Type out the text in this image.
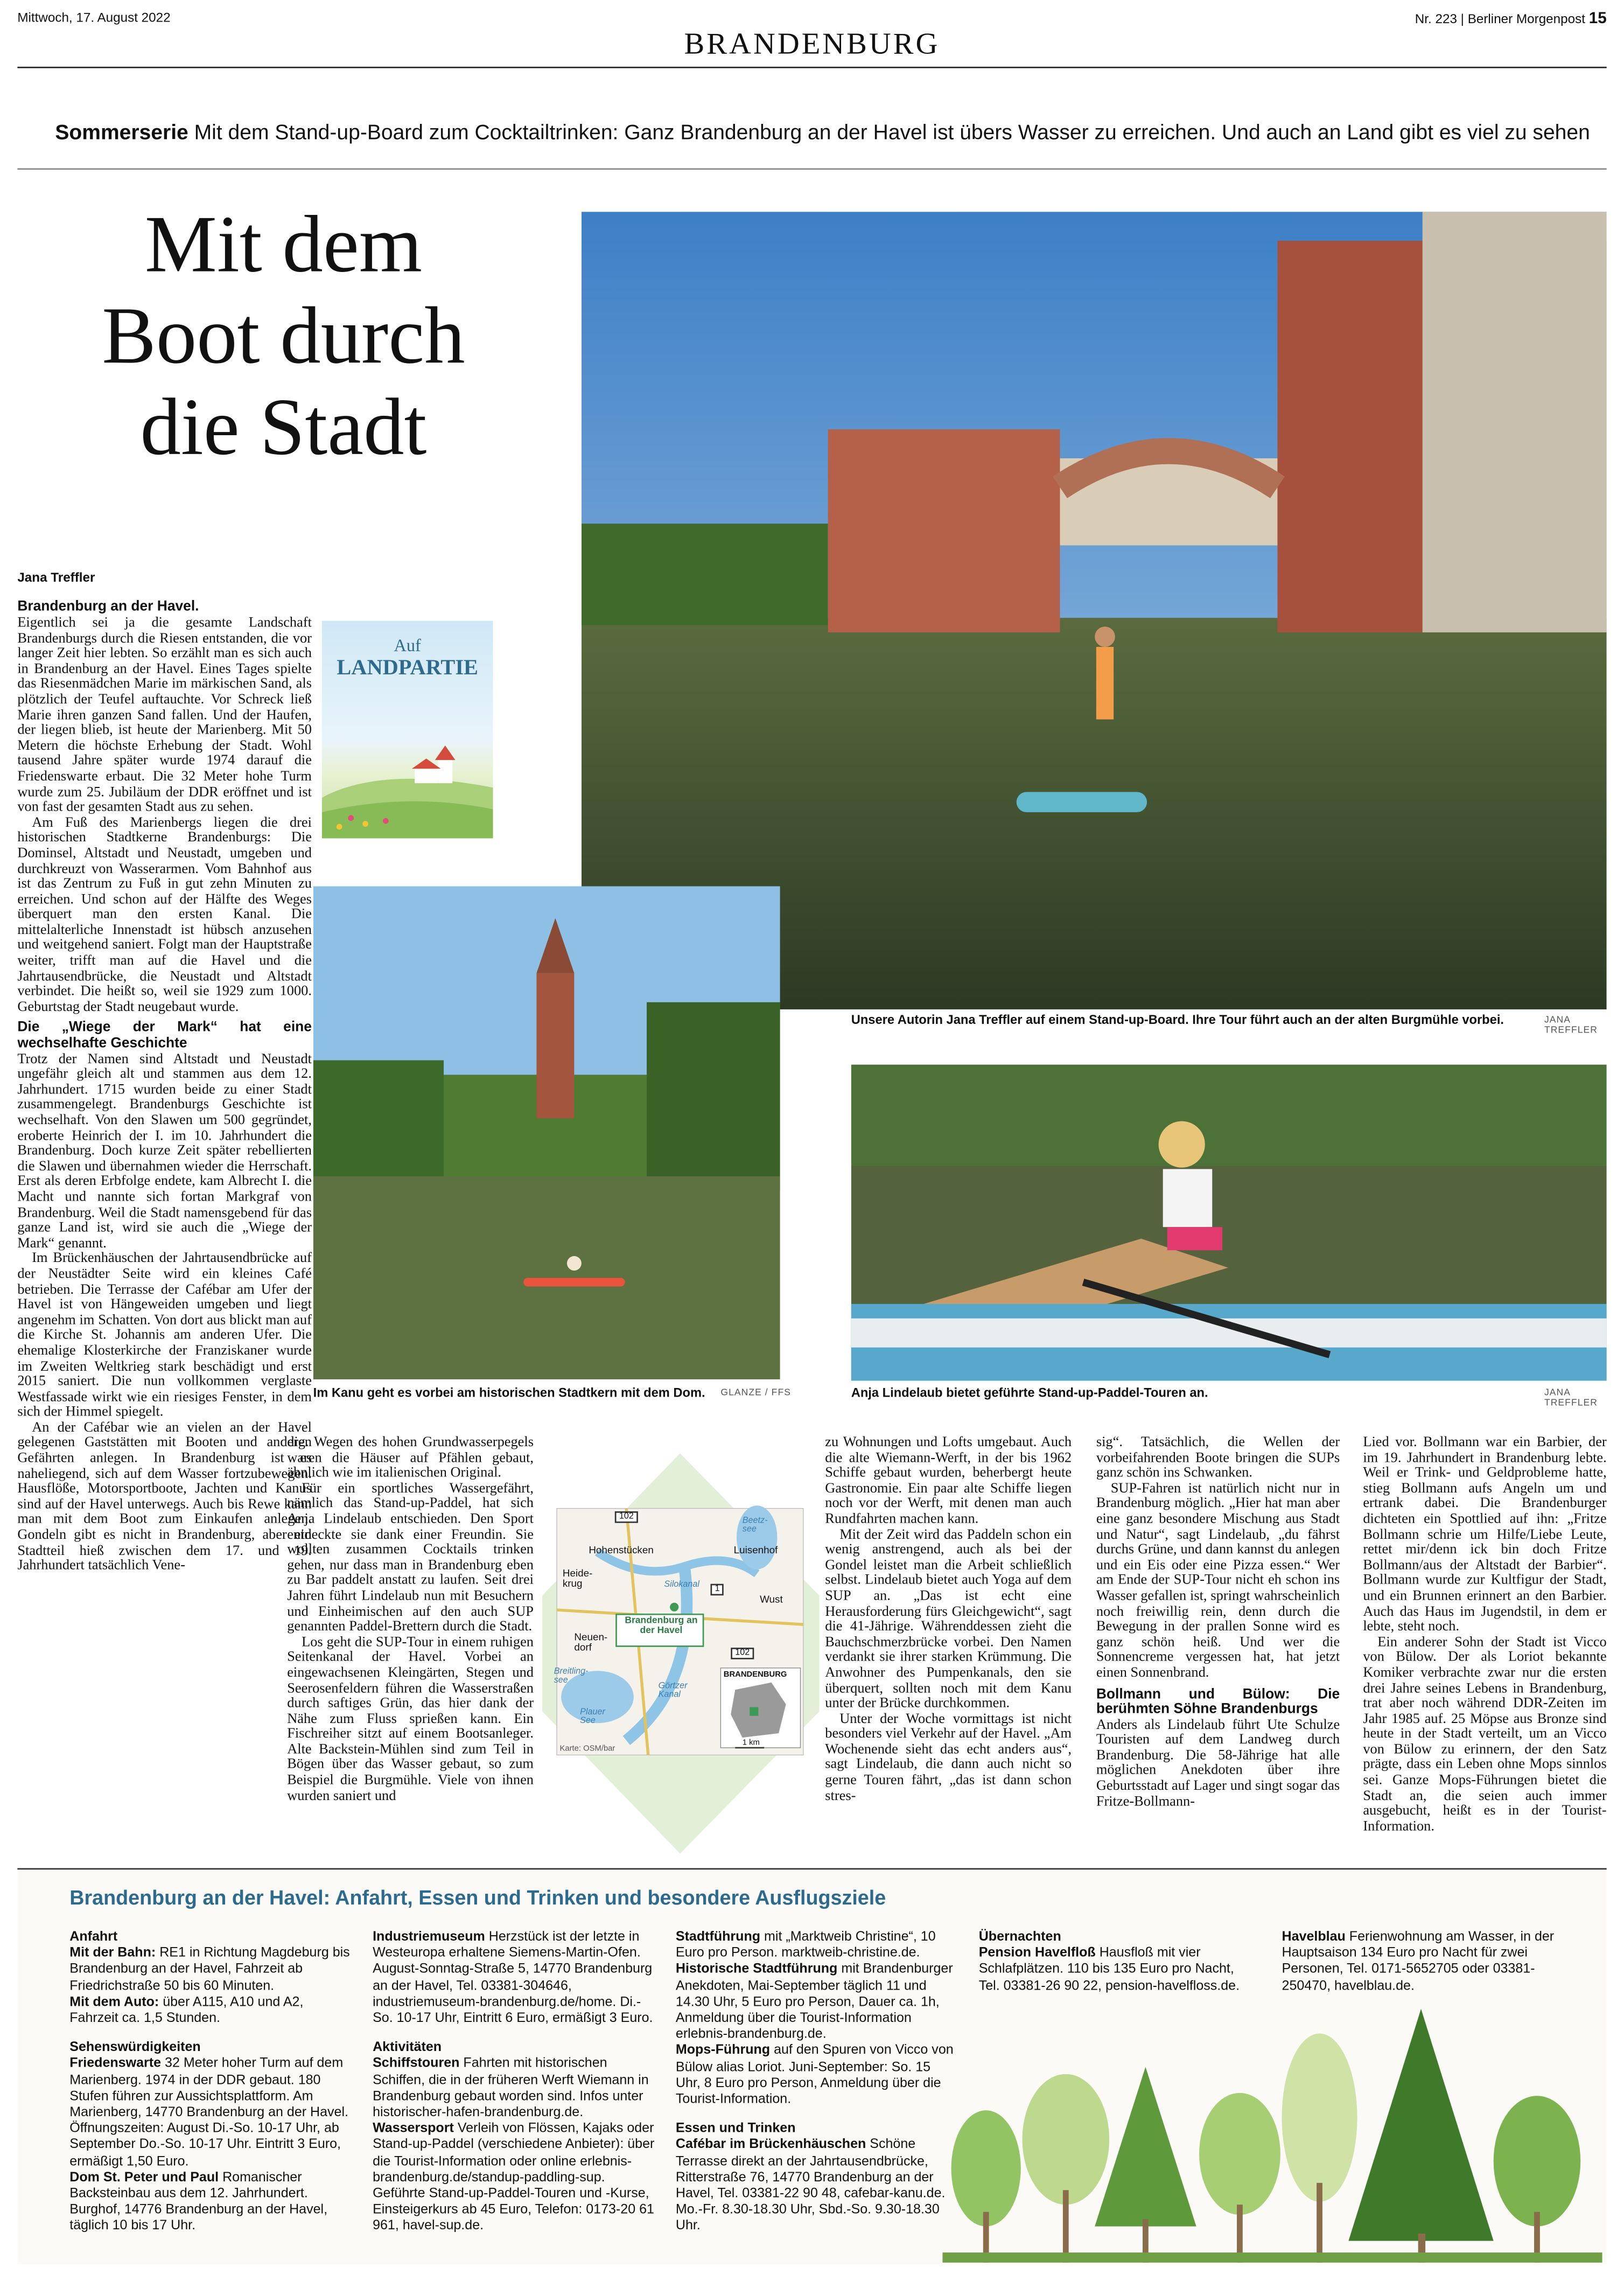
Mittwoch, 17. August 2022
BRANDENBURG
Nr. 223 | Berliner Morgenpost 15
Sommerserie Mit dem Stand-up-Board zum Cocktailtrinken: Ganz Brandenburg an der Havel ist übers Wasser zu erreichen. Und auch an Land gibt es viel zu sehen
Mit dem
Boot durch
die Stadt
Jana Treffler
Auf
LANDPARTIE

Brandenburg an der Havel.

Eigentlich sei ja die gesamte Landschaft Brandenburgs durch die Riesen entstanden, die vor langer Zeit hier lebten. So erzählt man es sich auch in Brandenburg an der Havel. Eines Tages spielte das Riesenmädchen Marie im märkischen Sand, als plötzlich der Teufel auftauchte. Vor Schreck ließ Marie ihren ganzen Sand fallen. Und der Haufen, der liegen blieb, ist heute der Marienberg. Mit 50 Metern die höchste Erhebung der Stadt. Wohl tausend Jahre später wurde 1974 darauf die Friedenswarte erbaut. Die 32 Meter hohe Turm wurde zum 25. Jubiläum der DDR eröffnet und ist von fast der gesamten Stadt aus zu sehen.

Am Fuß des Marienbergs liegen die drei historischen Stadtkerne Brandenburgs: Die Dominsel, Altstadt und Neustadt, umgeben und durchkreuzt von Wasserarmen. Vom Bahnhof aus ist das Zentrum zu Fuß in gut zehn Minuten zu erreichen. Und schon auf der Hälfte des Weges überquert man den ersten Kanal. Die mittelalterliche Innenstadt ist hübsch anzusehen und weitgehend saniert. Folgt man der Hauptstraße weiter, trifft man auf die Havel und die Jahrtausendbrücke, die Neustadt und Altstadt verbindet. Die heißt so, weil sie 1929 zum 1000. Geburtstag der Stadt neugebaut wurde.

Die „Wiege der Mark“ hat eine wechselhafte Geschichte

Trotz der Namen sind Altstadt und Neustadt ungefähr gleich alt und stammen aus dem 12. Jahrhundert. 1715 wurden beide zu einer Stadt zusammengelegt. Brandenburgs Geschichte ist wechselhaft. Von den Slawen um 500 gegründet, eroberte Heinrich der I. im 10. Jahrhundert die Brandenburg. Doch kurze Zeit später rebellierten die Slawen und übernahmen wieder die Herrschaft. Erst als deren Erbfolge endete, kam Albrecht I. die Macht und nannte sich fortan Markgraf von Brandenburg. Weil die Stadt namensgebend für das ganze Land ist, wird sie auch die „Wiege der Mark“ genannt.

Im Brückenhäuschen der Jahrtausendbrücke auf der Neustädter Seite wird ein kleines Café betrieben. Die Terrasse der Cafébar am Ufer der Havel ist von Hängeweiden umgeben und liegt angenehm im Schatten. Von dort aus blickt man auf die Kirche St. Johannis am anderen Ufer. Die ehemalige Klosterkirche der Franziskaner wurde im Zweiten Weltkrieg stark beschädigt und erst 2015 saniert. Die nun vollkommen verglaste Westfassade wirkt wie ein riesiges Fenster, in dem sich der Himmel spiegelt.

An der Cafébar wie an vielen an der Havel gelegenen Gaststätten mit Booten und anderen Gefährten anlegen. In Brandenburg ist es naheliegend, sich auf dem Wasser fortzubewegen. Hausflöße, Motorsportboote, Jachten und Kanus sind auf der Havel unterwegs. Auch bis Rewe kann man mit dem Boot zum Einkaufen anlegen. Gondeln gibt es nicht in Brandenburg, aber ein Stadtteil hieß zwischen dem 17. und 19. Jahrhundert tatsächlich Vene-

Unsere Autorin Jana Treffler auf einem Stand-up-Board. Ihre Tour führt auch an der alten Burgmühle vorbei.	JANA TREFFLER
Im Kanu geht es vorbei am historischen Stadtkern mit dem Dom.	GLANZE / FFS	Anja Lindelaub bietet geführte Stand-up-Paddel-Touren an.	JANA TREFFLER

dig. Wegen des hohen Grundwasserpegels waren die Häuser auf Pfählen gebaut, ähnlich wie im italienischen Original.

Für ein sportliches Wassergefährt, nämlich das Stand-up-Paddel, hat sich Anja Lindelaub entschieden. Den Sport entdeckte sie dank einer Freundin. Sie wollten zusammen Cocktails trinken gehen, nur dass man in Brandenburg eben zu Bar paddelt anstatt zu laufen. Seit drei Jahren führt Lindelaub nun mit Besuchern und Einheimischen auf den auch SUP genannten Paddel-Brettern durch die Stadt.

Los geht die SUP-Tour in einem ruhigen Seitenkanal der Havel. Vorbei an eingewachsenen Kleingärten, Stegen und Seerosenfeldern führen die Wasserstraßen durch saftiges Grün, das hier dank der Nähe zum Fluss sprießen kann. Ein Fischreiher sitzt auf einem Bootsanleger. Alte Backstein-Mühlen sind zum Teil in Bögen über das Wasser gebaut, so zum Beispiel die Burgmühle. Viele von ihnen wurden saniert und

Hohenstücken
Heide-
krug
Luisenhof
Wust
Neuen-
dorf
Brandenburg an der Havel
Silokanal
Beetz-
see
Breitling-
see
Plauer
See
Görtzer
Kanal
BRANDENBURG
1 km
Karte: OSM/bar
102
1
102

zu Wohnungen und Lofts umgebaut. Auch die alte Wiemann-Werft, in der bis 1962 Schiffe gebaut wurden, beherbergt heute Gastronomie. Ein paar alte Schiffe liegen noch vor der Werft, mit denen man auch Rundfahrten machen kann.

Mit der Zeit wird das Paddeln schon ein wenig anstrengend, auch als bei der Gondel leistet man die Arbeit schließlich selbst. Lindelaub bietet auch Yoga auf dem SUP an. „Das ist echt eine Herausforderung fürs Gleichgewicht“, sagt die 41-Jährige. Währenddessen zieht die Bauchschmerzbrücke vorbei. Den Namen verdankt sie ihrer starken Krümmung. Die Anwohner des Pumpenkanals, den sie überquert, sollten noch mit dem Kanu unter der Brücke durchkommen.

Unter der Woche vormittags ist nicht besonders viel Verkehr auf der Havel. „Am Wochenende sieht das echt anders aus“, sagt Lindelaub, die dann auch nicht so gerne Touren fährt, „das ist dann schon stres-

sig“. Tatsächlich, die Wellen der vorbeifahrenden Boote bringen die SUPs ganz schön ins Schwanken.

SUP-Fahren ist natürlich nicht nur in Brandenburg möglich. „Hier hat man aber eine ganz besondere Mischung aus Stadt und Natur“, sagt Lindelaub, „du fährst durchs Grüne, und dann kannst du anlegen und ein Eis oder eine Pizza essen.“ Wer am Ende der SUP-Tour nicht eh schon ins Wasser gefallen ist, springt wahrscheinlich noch freiwillig rein, denn durch die Bewegung in der prallen Sonne wird es ganz schön heiß. Und wer die Sonnencreme vergessen hat, hat jetzt einen Sonnenbrand.

Bollmann und Bülow: Die berühmten Söhne Brandenburgs

Anders als Lindelaub führt Ute Schulze Touristen auf dem Landweg durch Brandenburg. Die 58-Jährige hat alle möglichen Anekdoten über ihre Geburtsstadt auf Lager und singt sogar das Fritze-Bollmann-

Lied vor. Bollmann war ein Barbier, der im 19. Jahrhundert in Brandenburg lebte. Weil er Trink- und Geldprobleme hatte, stieg Bollmann aufs Angeln um und ertrank dabei. Die Brandenburger dichteten ein Spottlied auf ihn: „Fritze Bollmann schrie um Hilfe/Liebe Leute, rettet mir/denn ick bin doch Fritze Bollmann/aus der Altstadt der Barbier“. Bollmann wurde zur Kultfigur der Stadt, und ein Brunnen erinnert an den Barbier. Auch das Haus im Jugendstil, in dem er lebte, steht noch.

Ein anderer Sohn der Stadt ist Vicco von Bülow. Der als Loriot bekannte Komiker verbrachte zwar nur die ersten drei Jahre seines Lebens in Brandenburg, trat aber noch während DDR-Zeiten im Jahr 1985 auf. 25 Möpse aus Bronze sind heute in der Stadt verteilt, um an Vicco von Bülow zu erinnern, der den Satz prägte, dass ein Leben ohne Mops sinnlos sei. Ganze Mops-Führungen bietet die Stadt an, die seien auch immer ausgebucht, heißt es in der Tourist-Information.

Brandenburg an der Havel: Anfahrt, Essen und Trinken und besondere Ausflugsziele
Anfahrt

Mit der Bahn: RE1 in Richtung Magdeburg bis Brandenburg an der Havel, Fahrzeit ab Friedrichstraße 50 bis 60 Minuten.

Mit dem Auto: über A115, A10 und A2, Fahrzeit ca. 1,5 Stunden.

Sehenswürdigkeiten

Friedenswarte 32 Meter hoher Turm auf dem Marienberg. 1974 in der DDR gebaut. 180 Stufen führen zur Aussichtsplattform. Am Marienberg, 14770 Brandenburg an der Havel. Öffnungszeiten: August Di.-So. 10-17 Uhr, ab September Do.-So. 10-17 Uhr. Eintritt 3 Euro, ermäßigt 1,50 Euro.

Dom St. Peter und Paul Romanischer Backsteinbau aus dem 12. Jahrhundert. Burghof, 14776 Brandenburg an der Havel, täglich 10 bis 17 Uhr.

Industriemuseum Herzstück ist der letzte in Westeuropa erhaltene Siemens-Martin-Ofen. August-Sonntag-Straße 5, 14770 Brandenburg an der Havel, Tel. 03381-304646, industriemuseum-brandenburg.de/home. Di.-So. 10-17 Uhr, Eintritt 6 Euro, ermäßigt 3 Euro.

Aktivitäten

Schiffstouren Fahrten mit historischen Schiffen, die in der früheren Werft Wiemann in Brandenburg gebaut worden sind. Infos unter historischer-hafen-brandenburg.de.

Wassersport Verleih von Flössen, Kajaks oder Stand-up-Paddel (verschiedene Anbieter): über die Tourist-Information oder online erlebnis-brandenburg.de/standup-paddling-sup. Geführte Stand-up-Paddel-Touren und -Kurse, Einsteigerkurs ab 45 Euro, Telefon: 0173-20 61 961, havel-sup.de.

Stadtführung mit „Marktweib Christine“, 10 Euro pro Person. marktweib-christine.de.

Historische Stadtführung mit Brandenburger Anekdoten, Mai-September täglich 11 und 14.30 Uhr, 5 Euro pro Person, Dauer ca. 1h, Anmeldung über die Tourist-Information erlebnis-brandenburg.de.

Mops-Führung auf den Spuren von Vicco von Bülow alias Loriot. Juni-September: So. 15 Uhr, 8 Euro pro Person, Anmeldung über die Tourist-Information.

Essen und Trinken

Cafébar im Brückenhäuschen Schöne Terrasse direkt an der Jahrtausendbrücke, Ritterstraße 76, 14770 Brandenburg an der Havel, Tel. 03381-22 90 48, cafebar-kanu.de. Mo.-Fr. 8.30-18.30 Uhr, Sbd.-So. 9.30-18.30 Uhr.

Übernachten

Pension Havelfloß Hausfloß mit vier Schlafplätzen. 110 bis 135 Euro pro Nacht, Tel. 03381-26 90 22, pension-havelfloss.de.

Havelblau Ferienwohnung am Wasser, in der Hauptsaison 134 Euro pro Nacht für zwei Personen, Tel. 0171-5652705 oder 03381-250470, havelblau.de.
